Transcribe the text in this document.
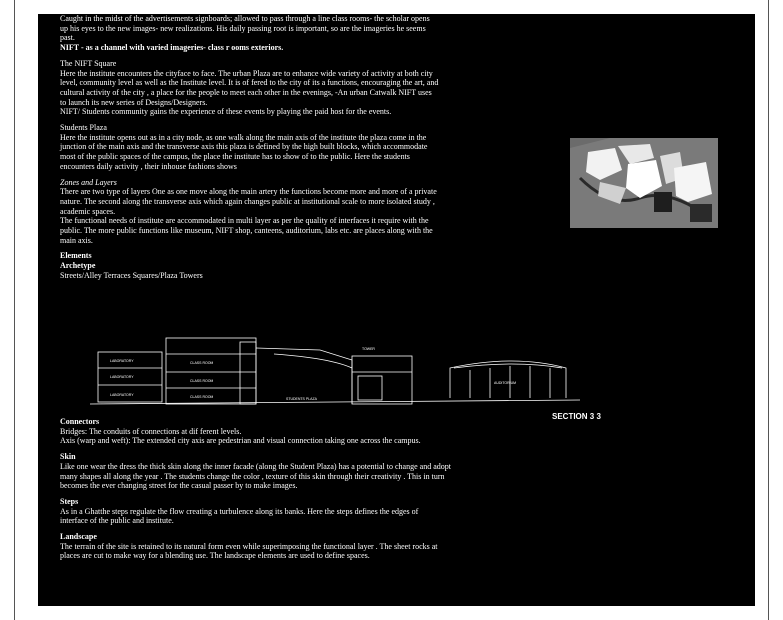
Caught in the midst of the advertisements signboards; allowed to pass through a line class rooms- the scholar opens

up his eyes to the new images- new realizations. His daily passing root is important, so are the imageries he seems

past.

NIFT - as a channel with varied imageries- class r ooms exteriors.

The NIFT Square

Here the institute encounters the cityface to face. The urban Plaza are to enhance wide variety of activity at both city

level, community level as well as the Institute level. It is of fered to the city of its a functions, encouraging the art, and

cultural activity of the city , a place for the people to meet each other in the evenings, -An urban Catwalk NIFT uses

to launch its new series of Designs/Designers.

NIFT/ Students community gains the experience of these events by playing the paid host for the events.

Students Plaza

Here the institute opens out as in a city node, as one walk along the main axis of the institute the plaza come in the

junction of the main axis and the transverse axis this plaza is defined by the high built blocks, which accommodate

most of the public spaces of the campus, the place the institute has to show of to the public. Here the students

encounters daily activity , their inhouse fashions shows

Zones and Layers

There are two type of layers One as one move along the main artery the functions become more and more of a private

nature. The second along the transverse axis which again changes public at institutional scale to more isolated study ,

academic spaces.

The functional needs of institute are accommodated in multi layer as per the quality of interfaces it require with the

public. The more public functions like museum, NIFT shop, canteens, auditorium, labs etc. are places along with the

main axis.

Elements

Archetype

Streets/Alley Terraces Squares/Plaza Towers

TOWER
CLASS ROOM
CLASS ROOM
CLASS ROOM
LABORATORY
LABORATORY
LABORATORY
STUDENTS PLAZA
AUDITORIUM
SECTION 3 3

Connectors

Bridges: The conduits of connections at dif ferent levels.

Axis (warp and weft): The extended city axis are pedestrian and visual connection taking one across the campus.

Skin

Like one wear the dress the thick skin along the inner facade (along the Student Plaza) has a potential to change and adopt

many shapes all along the year . The students change the color , texture of this skin through their creativity . This in turn

becomes the ever changing street for the casual passer by to make images.

Steps

As in a Ghatthe steps regulate the flow creating a turbulence along its banks. Here the steps defines the edges of

interface of the public and institute.

Landscape

The terrain of the site is retained to its natural form even while superimposing the functional layer . The sheet rocks at

places are cut to make way for a blending use. The landscape elements are used to define spaces.
